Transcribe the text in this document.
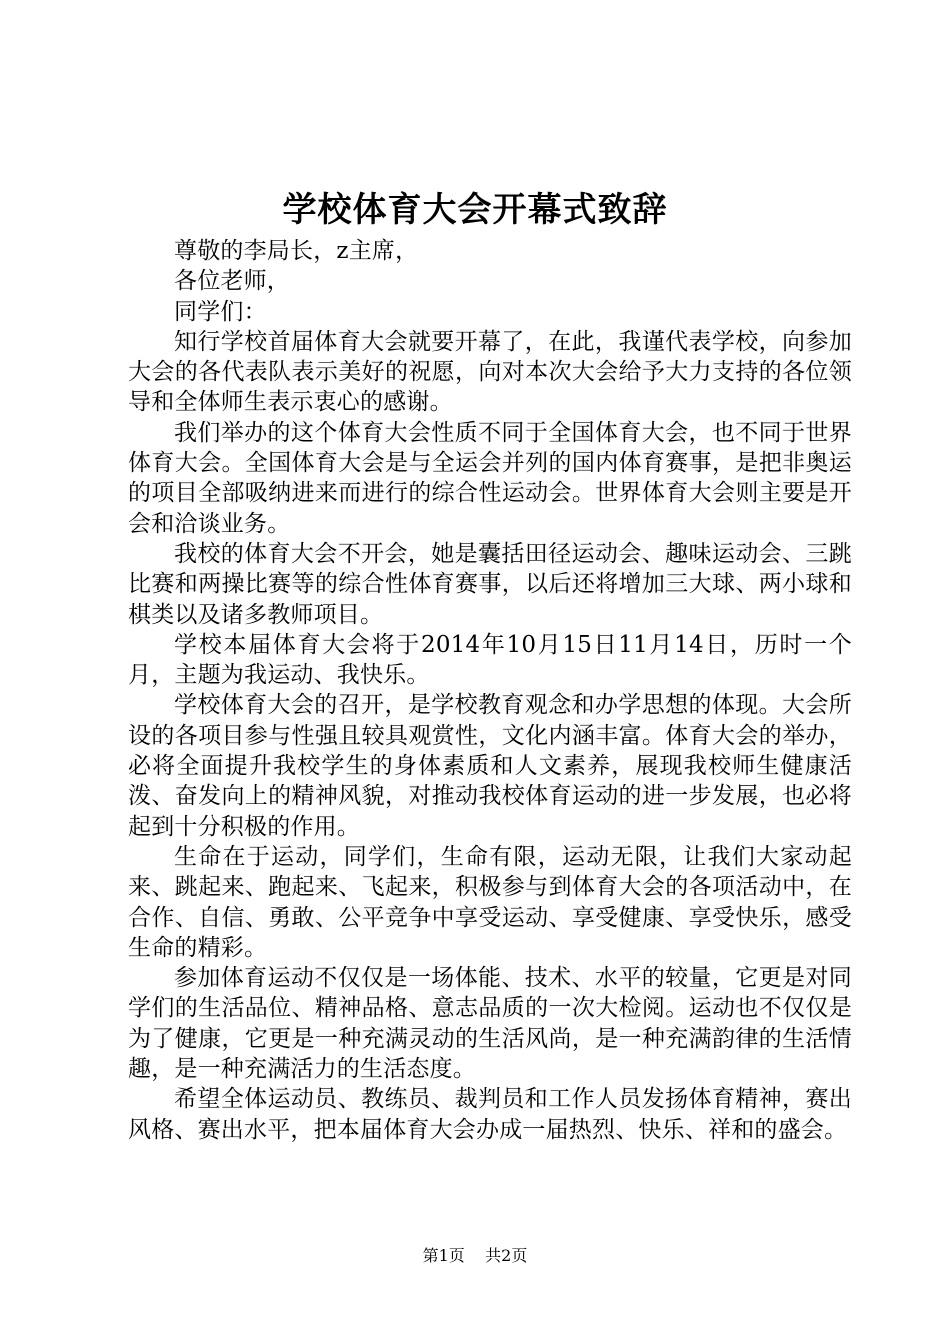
学校体育大会开幕式致辞

尊敬的李局长，z主席，

各位老师，

同学们：

知行学校首届体育大会就要开幕了，在此，我谨代表学校，向参加大会的各代表队表示美好的祝愿，向对本次大会给予大力支持的各位领导和全体师生表示衷心的感谢。

我们举办的这个体育大会性质不同于全国体育大会，也不同于世界体育大会。全国体育大会是与全运会并列的国内体育赛事，是把非奥运的项目全部吸纳进来而进行的综合性运动会。世界体育大会则主要是开会和洽谈业务。

我校的体育大会不开会，她是囊括田径运动会、趣味运动会、三跳比赛和两操比赛等的综合性体育赛事，以后还将增加三大球、两小球和棋类以及诸多教师项目。

学校本届体育大会将于2014年10月15日11月14日，历时一个月，主题为我运动、我快乐。

学校体育大会的召开，是学校教育观念和办学思想的体现。大会所设的各项目参与性强且较具观赏性，文化内涵丰富。体育大会的举办，必将全面提升我校学生的身体素质和人文素养，展现我校师生健康活泼、奋发向上的精神风貌，对推动我校体育运动的进一步发展，也必将起到十分积极的作用。

生命在于运动，同学们，生命有限，运动无限，让我们大家动起来、跳起来、跑起来、飞起来，积极参与到体育大会的各项活动中，在合作、自信、勇敢、公平竞争中享受运动、享受健康、享受快乐，感受生命的精彩。

参加体育运动不仅仅是一场体能、技术、水平的较量，它更是对同学们的生活品位、精神品格、意志品质的一次大检阅。运动也不仅仅是为了健康，它更是一种充满灵动的生活风尚，是一种充满韵律的生活情趣，是一种充满活力的生活态度。

希望全体运动员、教练员、裁判员和工作人员发扬体育精神，赛出风格、赛出水平，把本届体育大会办成一届热烈、快乐、祥和的盛会。

第1页 共2页
